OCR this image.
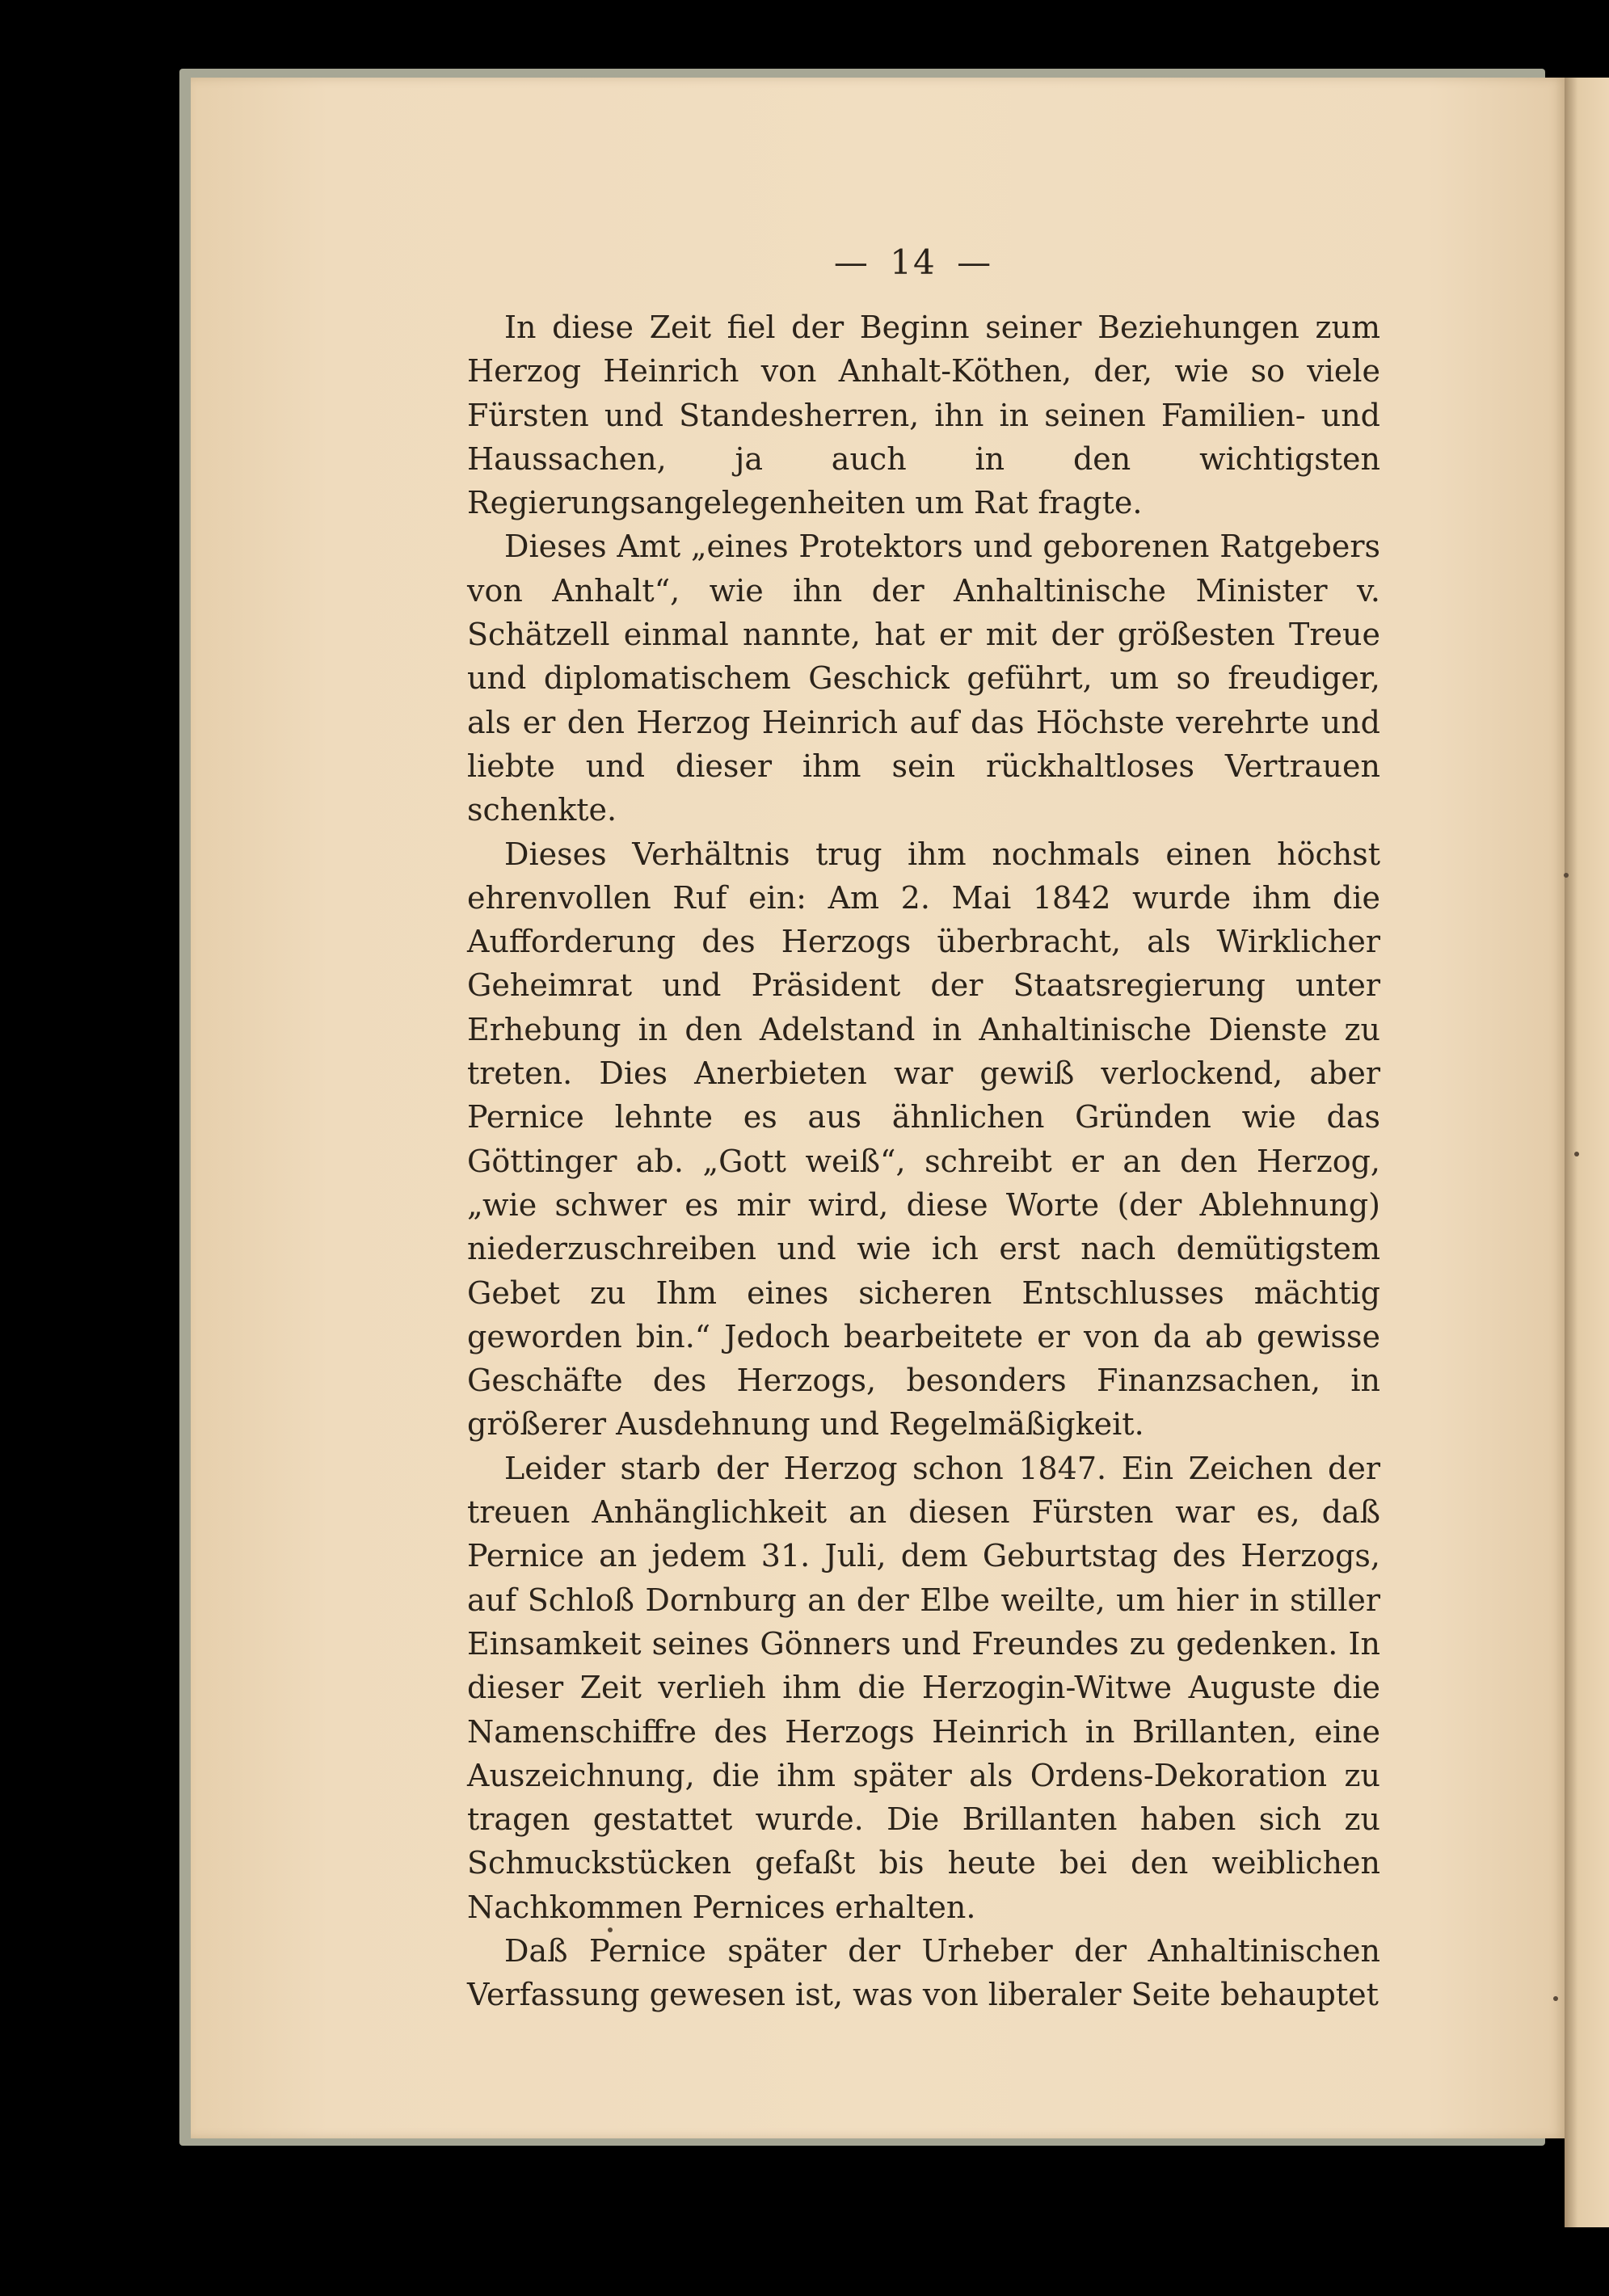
— 14 —

In diese Zeit fiel der Beginn seiner Beziehungen zum Herzog Heinrich von Anhalt-Köthen, der, wie so viele Fürsten und Standesherren, ihn in seinen Familien- und Haussachen, ja auch in den wichtigsten Regierungsangelegenheiten um Rat fragte.

Dieses Amt „eines Protektors und geborenen Ratgebers von Anhalt“, wie ihn der Anhaltinische Minister v. Schätzell einmal nannte, hat er mit der größesten Treue und diplomatischem Geschick geführt, um so freudiger, als er den Herzog Heinrich auf das Höchste verehrte und liebte und dieser ihm sein rückhaltloses Vertrauen schenkte.

Dieses Verhältnis trug ihm nochmals einen höchst ehrenvollen Ruf ein: Am 2. Mai 1842 wurde ihm die Aufforderung des Herzogs überbracht, als Wirklicher Geheimrat und Präsident der Staatsregierung unter Erhebung in den Adelstand in Anhaltinische Dienste zu treten. Dies Anerbieten war gewiß verlockend, aber Pernice lehnte es aus ähnlichen Gründen wie das Göttinger ab. „Gott weiß“, schreibt er an den Herzog, „wie schwer es mir wird, diese Worte (der Ablehnung) niederzuschreiben und wie ich erst nach demütigstem Gebet zu Ihm eines sicheren Entschlusses mächtig geworden bin.“ Jedoch bearbeitete er von da ab gewisse Geschäfte des Herzogs, besonders Finanzsachen, in größerer Ausdehnung und Regelmäßigkeit.

Leider starb der Herzog schon 1847. Ein Zeichen der treuen Anhänglichkeit an diesen Fürsten war es, daß Pernice an jedem 31. Juli, dem Geburtstag des Herzogs, auf Schloß Dornburg an der Elbe weilte, um hier in stiller Einsamkeit seines Gönners und Freundes zu gedenken. In dieser Zeit verlieh ihm die Herzogin-Witwe Auguste die Namenschiffre des Herzogs Heinrich in Brillanten, eine Auszeichnung, die ihm später als Ordens-Dekoration zu tragen gestattet wurde. Die Brillanten haben sich zu Schmuckstücken gefaßt bis heute bei den weiblichen Nachkommen Pernices erhalten.

Daß Pernice später der Urheber der Anhaltinischen Verfassung gewesen ist, was von liberaler Seite behauptet
